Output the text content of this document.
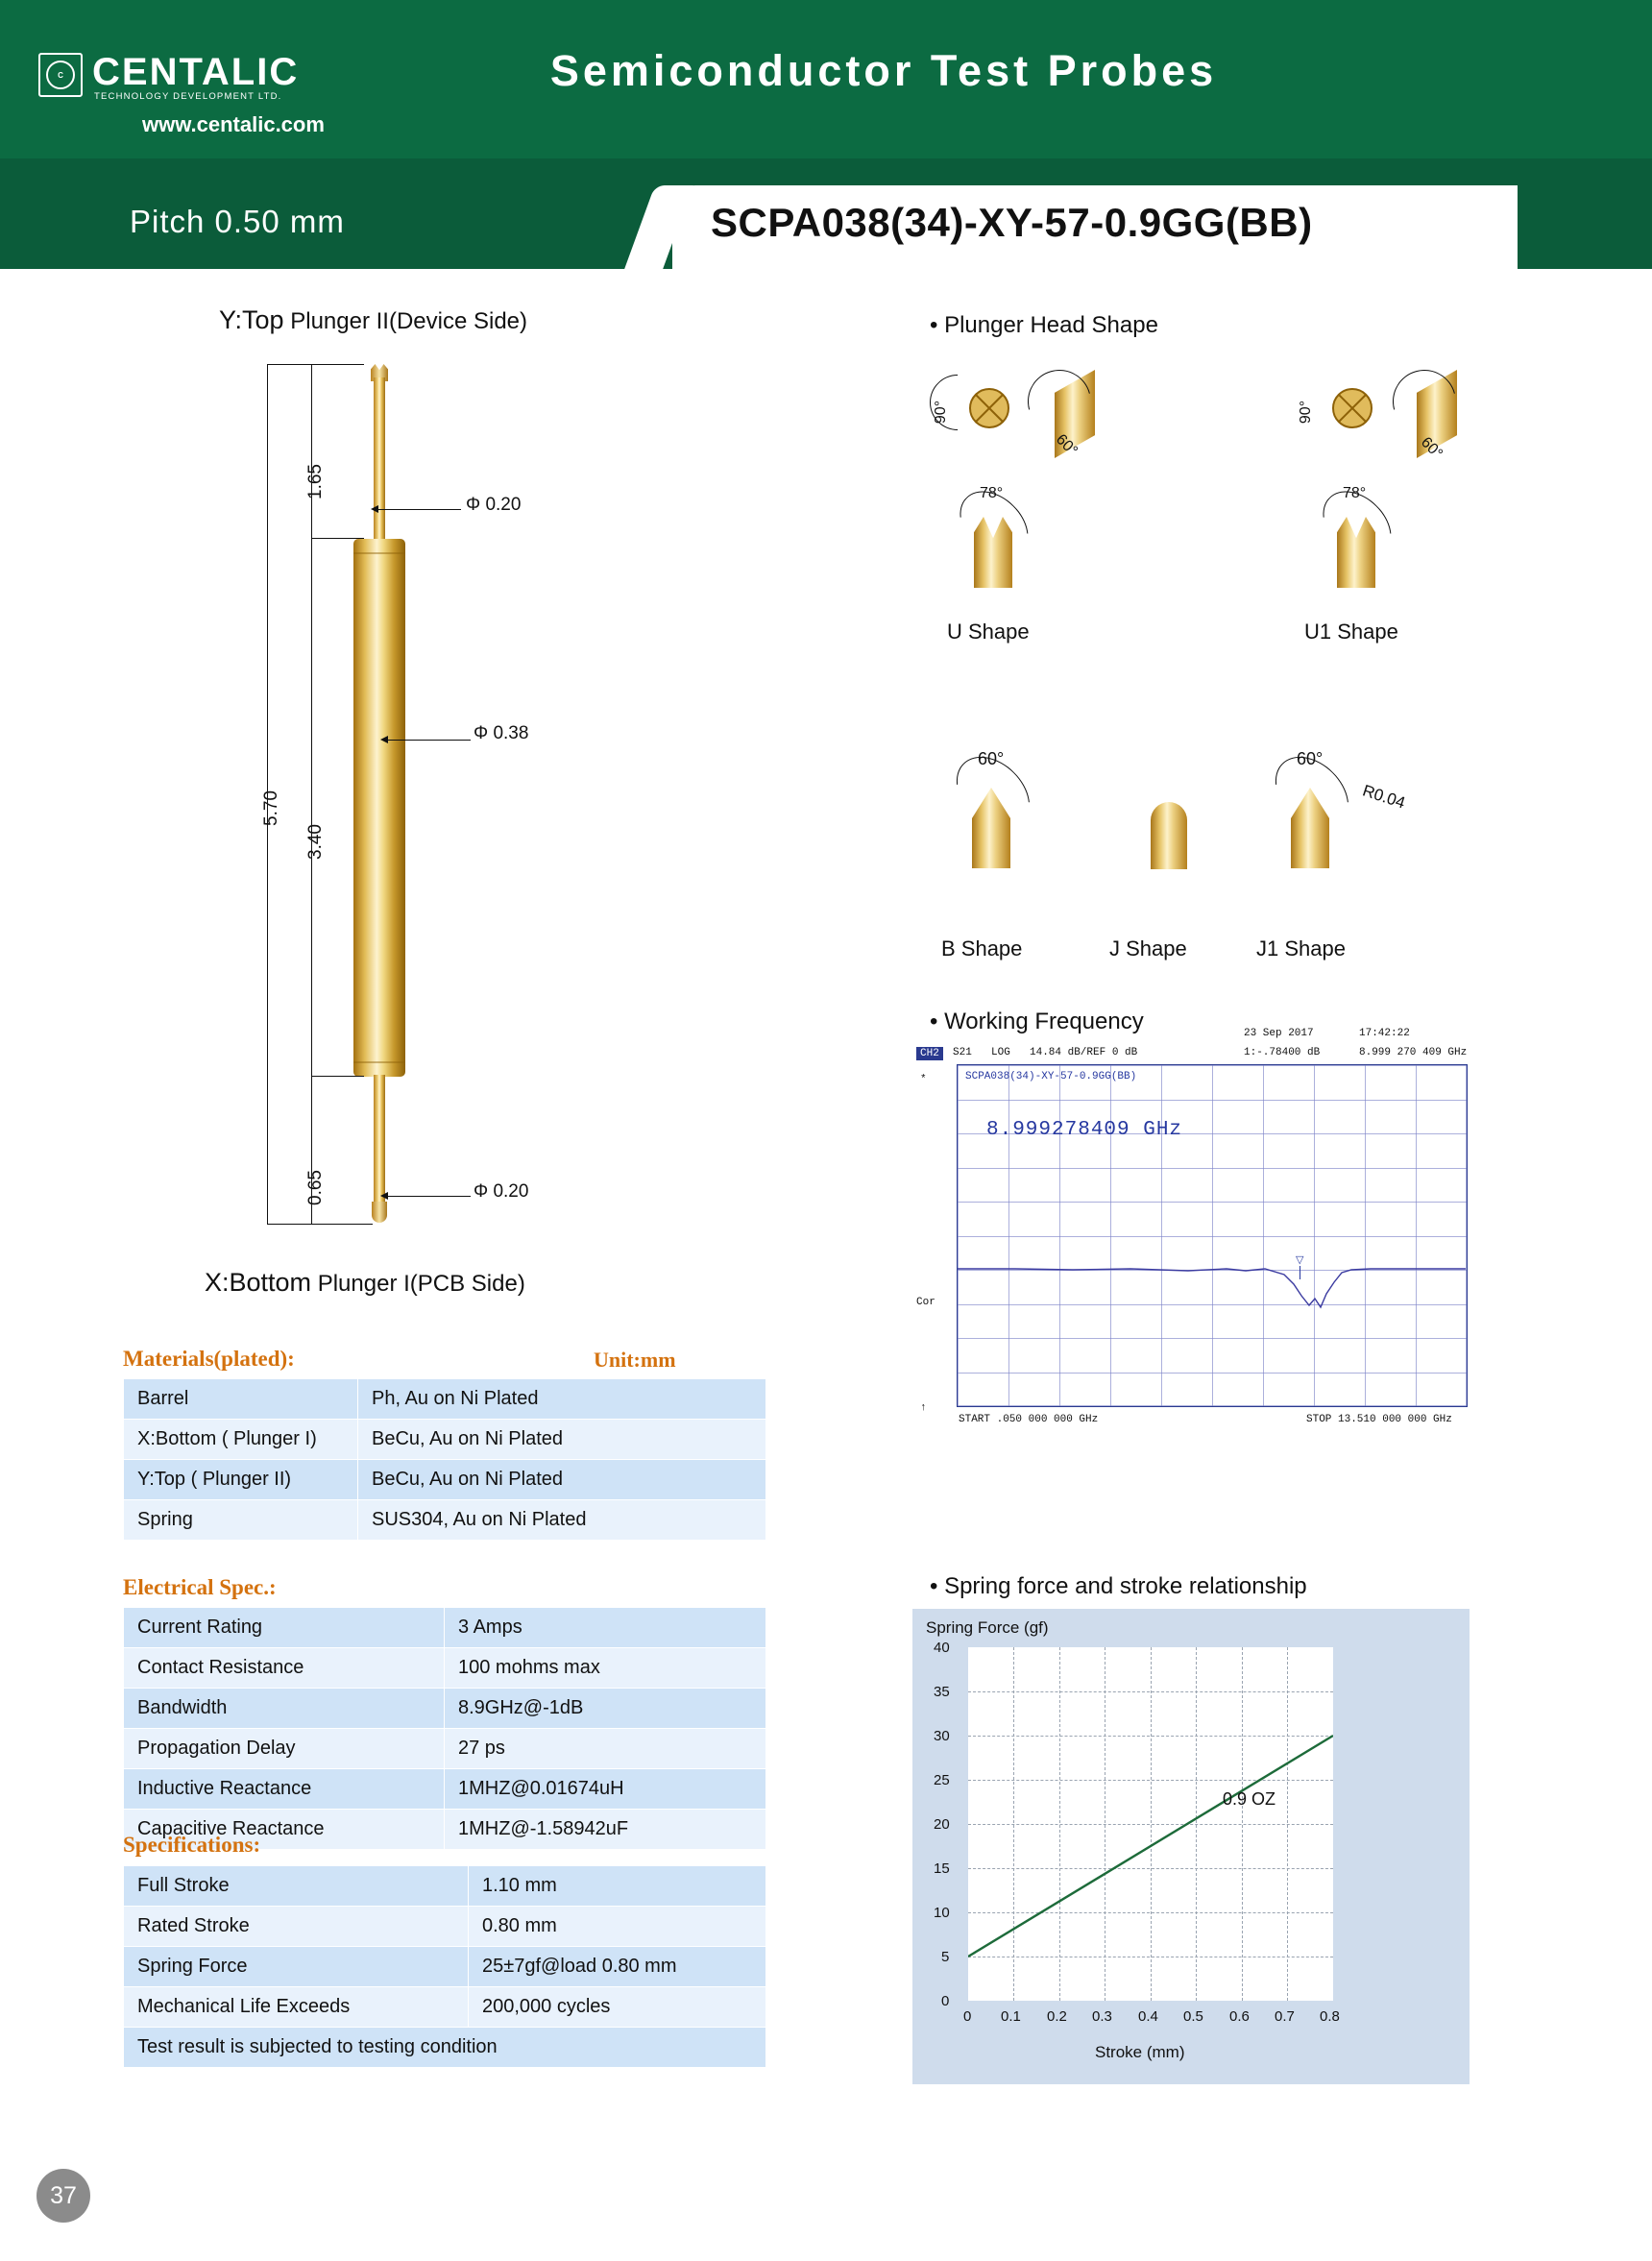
C CENTALIC
TECHNOLOGY DEVELOPMENT LTD.
www.centalic.com
Semiconductor Test Probes
Pitch 0.50 mm	SCPA038(34)-XY-57-0.9GG(BB)
Y:Top Plunger II(Device Side)
X:Bottom Plunger I(PCB Side)
5.70
3.40
1.65
0.65
Φ 0.20
Φ 0.38
Φ 0.20
Materials(plated):	Unit:mm
Barrel	Ph, Au on Ni Plated
X:Bottom ( Plunger I)	BeCu, Au on Ni Plated
Y:Top ( Plunger II)	BeCu, Au on Ni Plated
Spring	SUS304, Au on Ni Plated
Electrical Spec.:
Current Rating	3 Amps
Contact Resistance	100 mohms max
Bandwidth	8.9GHz@-1dB
Propagation Delay	27 ps
Inductive Reactance	1MHZ@0.01674uH
Capacitive Reactance	1MHZ@-1.58942uF
Specifications:
Full Stroke	1.10 mm
Rated Stroke	0.80 mm
Spring Force	25±7gf@load 0.80 mm
Mechanical Life Exceeds	200,000 cycles
Test result is subjected to testing condition	
• Plunger Head Shape
90°
60°
78°
U Shape
90°
60°
78°
U1 Shape
60°
B Shape	J Shape
60°
R0.04
J1 Shape
• Working Frequency	23 Sep 2017	17:42:22
CH2	S21 LOG 14.84 dB/REF 0 dB	1:-.78400 dB	8.999 270 409 GHz
*
Cor
↑
SCPA038(34)-XY-57-0.9GG(BB)
8.999278409 GHz
▽
START .050 000 000 GHz	STOP 13.510 000 000 GHz
• Spring force and stroke relationship
Spring Force (gf)
40
35
30
25
20
15
10
5
0
0.9 OZ
0 0.1 0.2 0.3 0.4 0.5 0.6 0.7 0.8
Stroke (mm)
37
